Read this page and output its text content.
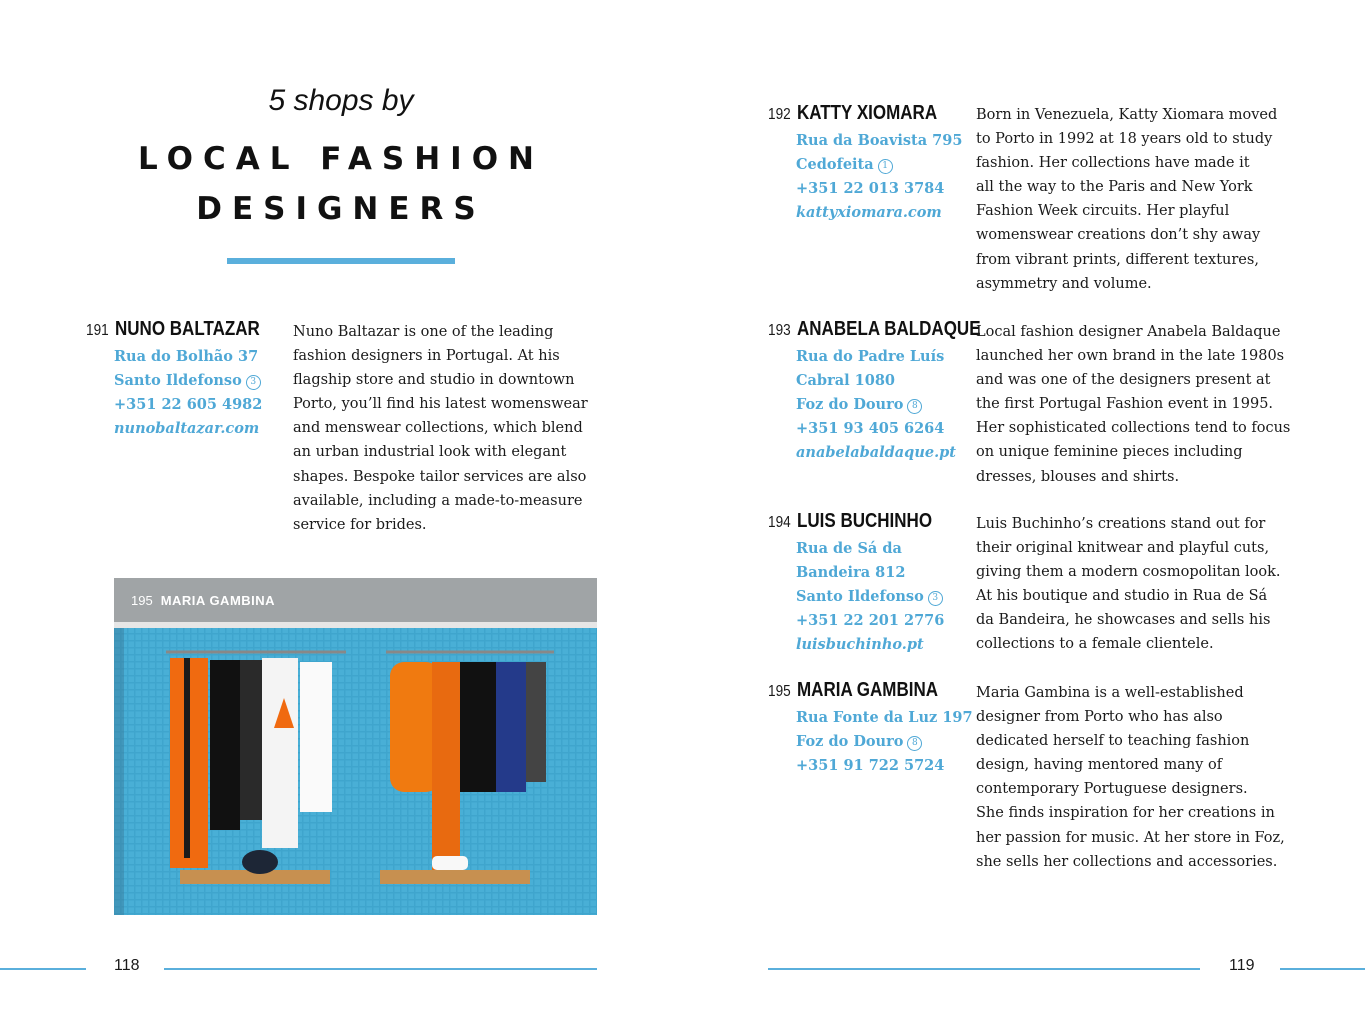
5 shops by
LOCAL FASHION
DESIGNERS
191 NUNO BALTAZAR
Rua do Bolhão 37
Santo Ildefonso 3
+351 22 605 4982
nunobaltazar.com
Nuno Baltazar is one of the leading
fashion designers in Portugal. At his
flagship store and studio in downtown
Porto, you’ll find his latest womenswear
and menswear collections, which blend
an urban industrial look with elegant
shapes. Bespoke tailor services are also
available, including a made-to-measure
service for brides.
195 MARIA GAMBINA
192 KATTY XIOMARA
Rua da Boavista 795
Cedofeita 1
+351 22 013 3784
kattyxiomara.com
Born in Venezuela, Katty Xiomara moved
to Porto in 1992 at 18 years old to study
fashion. Her collections have made it
all the way to the Paris and New York
Fashion Week circuits. Her playful
womenswear creations don’t shy away
from vibrant prints, different textures,
asymmetry and volume.
193 ANABELA BALDAQUE
Rua do Padre Luís
Cabral 1080
Foz do Douro 8
+351 93 405 6264
anabelabaldaque.pt
Local fashion designer Anabela Baldaque
launched her own brand in the late 1980s
and was one of the designers present at
the first Portugal Fashion event in 1995.
Her sophisticated collections tend to focus
on unique feminine pieces including
dresses, blouses and shirts.
194 LUIS BUCHINHO
Rua de Sá da
Bandeira 812
Santo Ildefonso 3
+351 22 201 2776
luisbuchinho.pt
Luis Buchinho’s creations stand out for
their original knitwear and playful cuts,
giving them a modern cosmopolitan look.
At his boutique and studio in Rua de Sá
da Bandeira, he showcases and sells his
collections to a female clientele.
195 MARIA GAMBINA
Rua Fonte da Luz 197
Foz do Douro 8
+351 91 722 5724
Maria Gambina is a well-established
designer from Porto who has also
dedicated herself to teaching fashion
design, having mentored many of
contemporary Portuguese designers.
She finds inspiration for her creations in
her passion for music. At her store in Foz,
she sells her collections and accessories.
118	119
